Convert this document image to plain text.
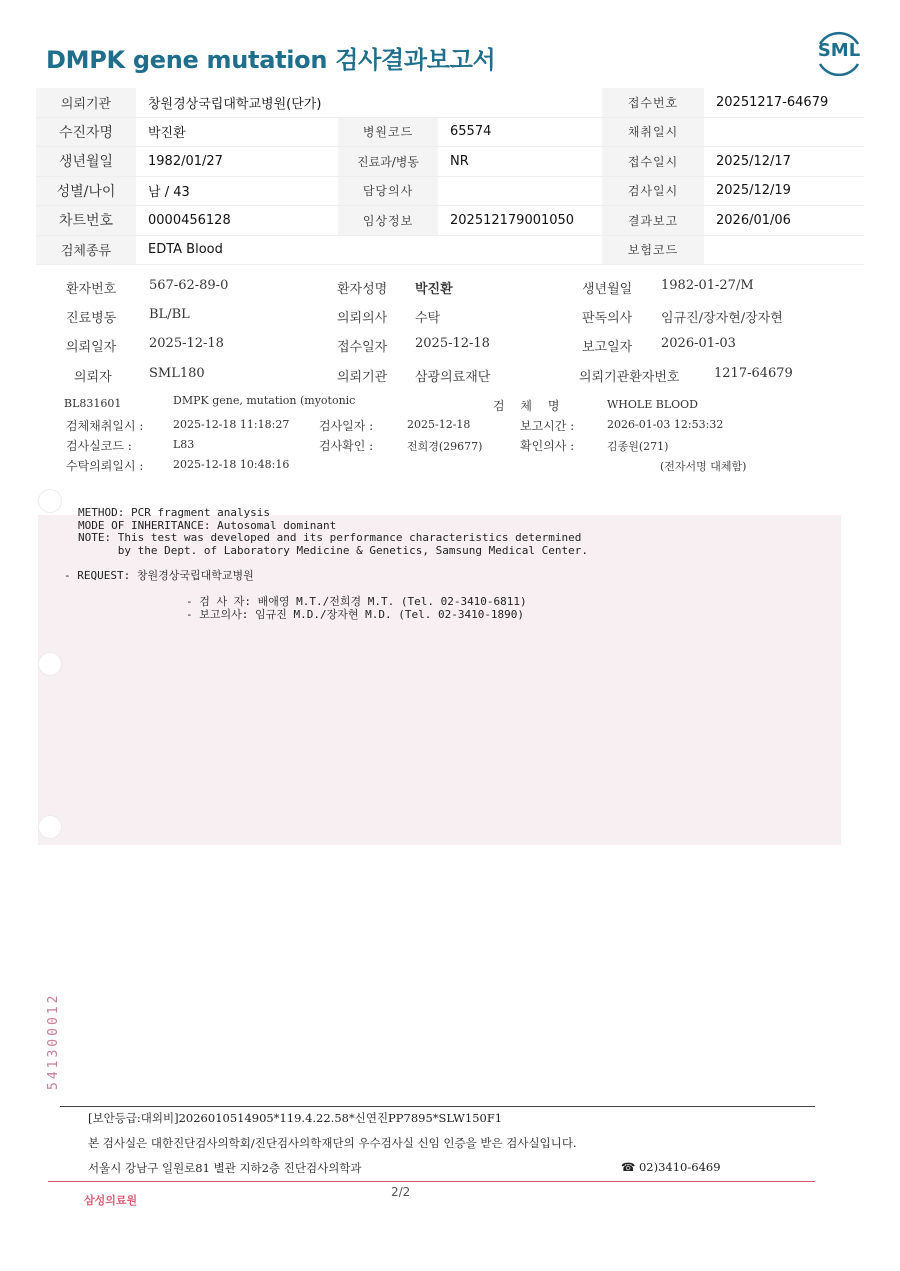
DMPK gene mutation 검사결과보고서	SML
의뢰기관	창원경상국립대학교병원(단가)			접수번호	20251217-64679
수진자명	박진환	병원코드	65574	채취일시	
생년월일	1982/01/27	진료과/병동	NR	접수일시	2025/12/17
성별/나이	남 / 43	담당의사		검사일시	2025/12/19
차트번호	0000456128	임상정보	202512179001050	결과보고	2026/01/06
검체종류	EDTA Blood			보험코드	
환자번호	567-62-89-0	환자성명 박진환	생년월일 1982-01-27/M
진료병동	BL/BL	의뢰의사 수탁	판독의사 임규진/장자현/장자현
의뢰일자	2025-12-18	접수일자 2025-12-18	보고일자 2026-01-03
의뢰자	SML180	의뢰기관 삼광의료재단	의뢰기관환자번호	1217-64679
BL831601	DMPK gene, mutation (myotonic	검 체 명	WHOLE BLOOD
검체채취일시 :	2025-12-18 11:18:27 검사일자 :	2025-12-18	보고시간 :	2026-01-03 12:53:32
검사실코드 :	L83	검사확인 :	전희경(29677)	확인의사 :	김종원(271)
수탁의뢰일시 :	2025-12-18 10:48:16	(전자서명 대체함)
METHOD: PCR fragment analysis
MODE OF INHERITANCE: Autosomal dominant
NOTE: This test was developed and its performance characteristics determined
by the Dept. of Laboratory Medicine & Genetics, Samsung Medical Center.
- REQUEST: 창원경상국립대학교병원
- 검 사 자: 배애영 M.T./전희경 M.T. (Tel. 02-3410-6811)
- 보고의사: 임규진 M.D./장자현 M.D. (Tel. 02-3410-1890)
541300012
[보안등급:대외비]2026010514905*119.4.22.58*신연진PP7895*SLW150F1
본 검사실은 대한진단검사의학회/진단검사의학재단의 우수검사실 신임 인증을 받은 검사실입니다.
서울시 강남구 일원로81 별관 지하2층 진단검사의학과	☎ 02)3410-6469
2/2
삼성의료원
